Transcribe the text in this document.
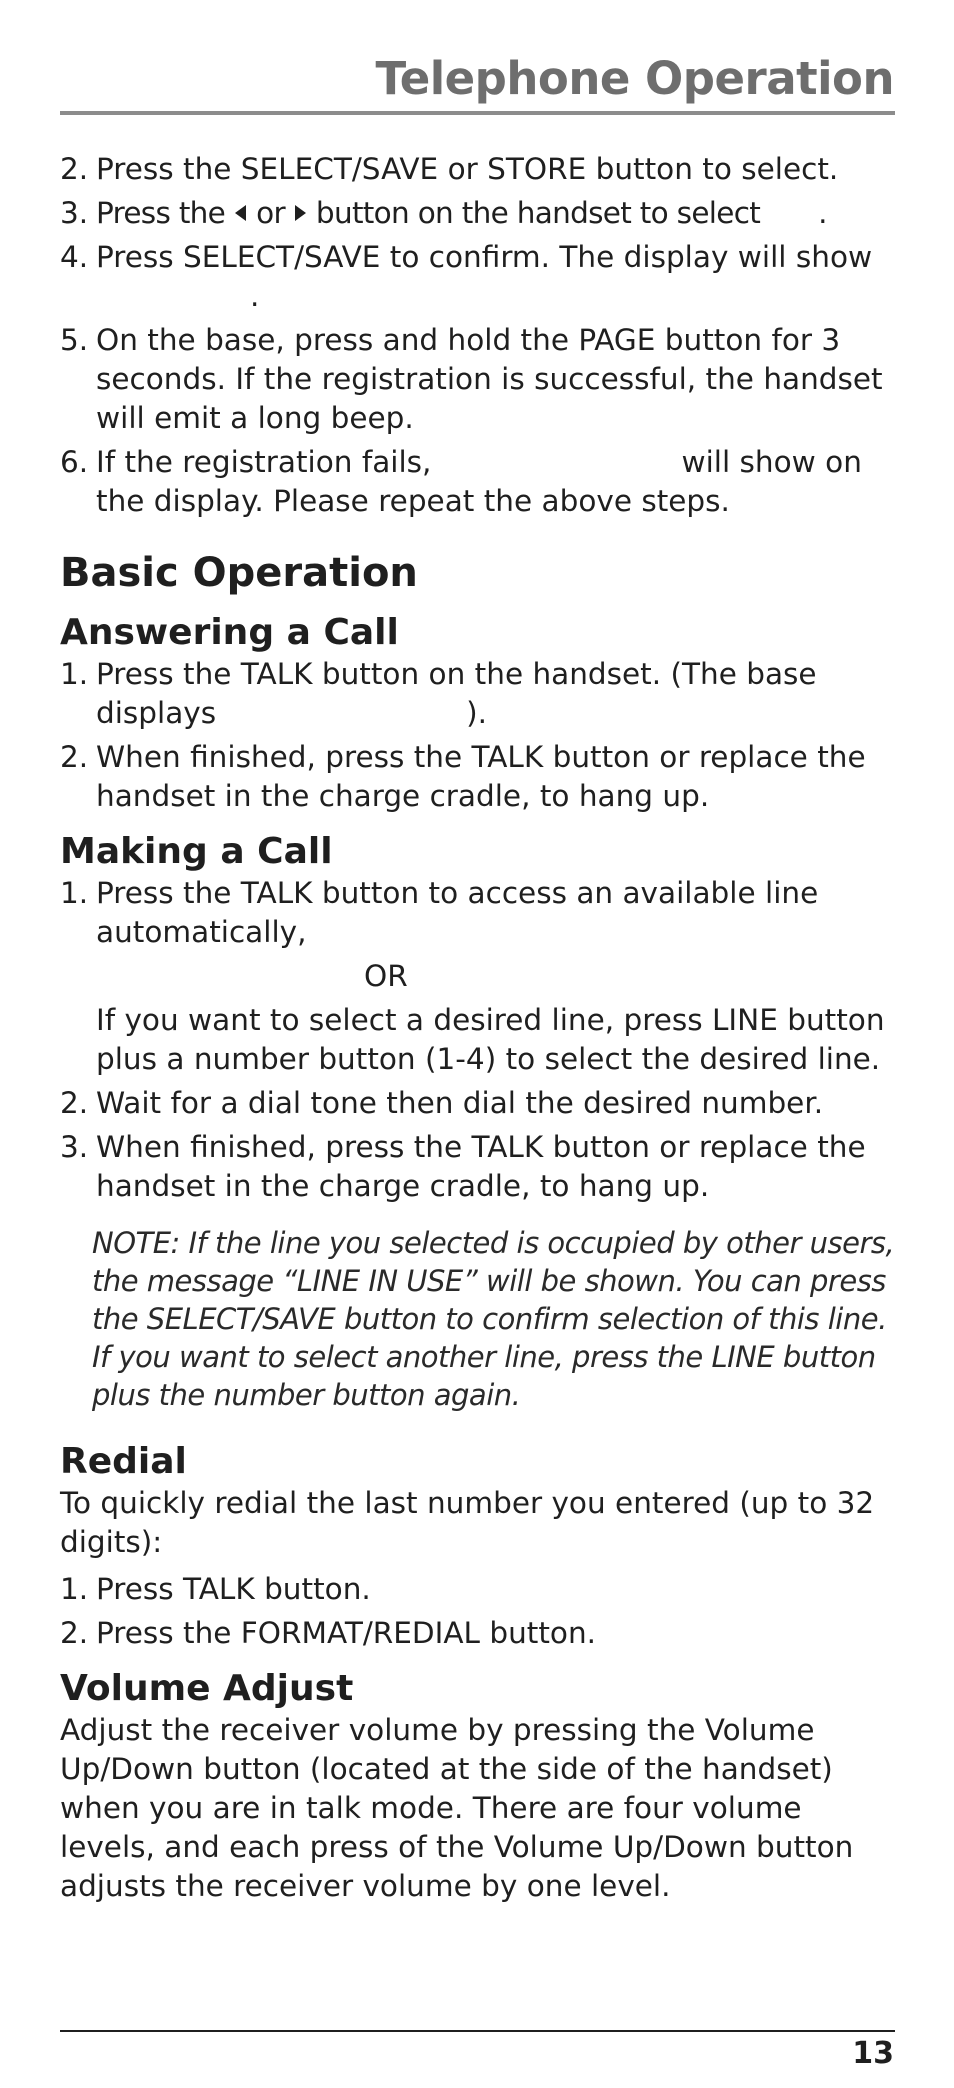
Telephone Operation
2. Press the SELECT/SAVE or STORE button to select.
3. Press the or button on the handset to select .
4. Press SELECT/SAVE to confirm. The display will show
.
5. On the base, press and hold the PAGE button for 3 seconds. If the registration is successful, the handset will emit a long beep.
6. If the registration fails,	will show on the display. Please repeat the above steps.
Basic Operation
Answering a Call
1. Press the TALK button on the handset. (The base displays	).
2. When finished, press the TALK button or replace the handset in the charge cradle, to hang up.
Making a Call
1. Press the TALK button to access an available line automatically,
OR
If you want to select a desired line, press LINE button plus a number button (1-4) to select the desired line.
2. Wait for a dial tone then dial the desired number.
3. When finished, press the TALK button or replace the handset in the charge cradle, to hang up.
NOTE: If the line you selected is occupied by other users, the message “LINE IN USE” will be shown. You can press the SELECT/SAVE button to confirm selection of this line. If you want to select another line, press the LINE button plus the number button again.
Redial
To quickly redial the last number you entered (up to 32 digits):
1. Press TALK button.
2. Press the FORMAT/REDIAL button.
Volume Adjust
Adjust the receiver volume by pressing the Volume Up/Down button (located at the side of the handset) when you are in talk mode. There are four volume levels, and each press of the Volume Up/Down button adjusts the receiver volume by one level.
13
